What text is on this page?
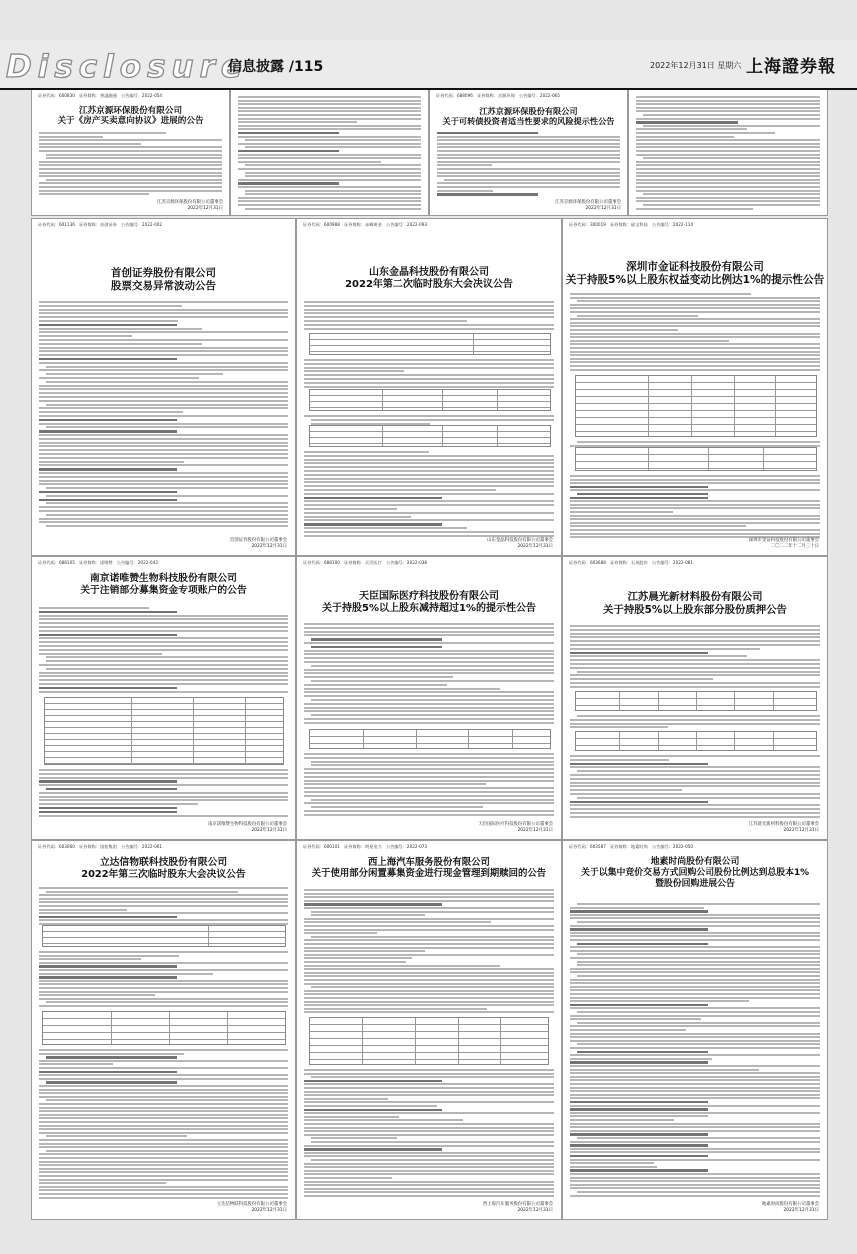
Disclosure
信息披露 /115	2022年12月31日 星期六 上海證券報
证券代码：600830　证券简称：香溢融通　公告编号：2022-054
江苏京源环保股份有限公司
关于《房产买卖意向协议》进展的公告
江苏京源环保股份有限公司董事会
2022年12月31日
证券代码：688096　证券简称：京源环保　公告编号：2022-065
江苏京源环保股份有限公司
关于可转债投资者适当性要求的风险提示性公告
江苏京源环保股份有限公司董事会
2022年12月31日
证券代码：601136　证券简称：首创证券　公告编号：2022-002
首创证券股份有限公司
股票交易异常波动公告
首创证券股份有限公司董事会
2022年12月31日
证券代码：600988　证券简称：赤峰黄金　公告编号：2022-093
山东金晶科技股份有限公司
2022年第二次临时股东大会决议公告
山东金晶科技股份有限公司董事会
2022年12月31日
证券代码：300019　证券简称：硅宝科技　公告编号：2022-114
深圳市金证科技股份有限公司
关于持股5%以上股东权益变动比例达1%的提示性公告
深圳市金证科技股份有限公司董事会
二〇二二年十二月三十日
证券代码：688105　证券简称：诺唯赞　公告编号：2022-043
南京诺唯赞生物科技股份有限公司
关于注销部分募集资金专项账户的公告
南京诺唯赞生物科技股份有限公司董事会
2022年12月31日
证券代码：688100　证券简称：天臣医疗　公告编号：2022-038
天臣国际医疗科技股份有限公司
关于持股5%以上股东减持超过1%的提示性公告
天臣国际医疗科技股份有限公司董事会
2022年12月31日
证券代码：603688　证券简称：石英股份　公告编号：2022-081
江苏晨光新材料股份有限公司
关于持股5%以上股东部分股份质押公告
江苏晨光新材料股份有限公司董事会
2022年12月31日
证券代码：603060　证券简称：国检集团　公告编号：2022-061
立达信物联科技股份有限公司
2022年第三次临时股东大会决议公告
立达信物联科技股份有限公司董事会
2022年12月31日
证券代码：600101　证券简称：明星电力　公告编号：2022-073
西上海汽车服务股份有限公司
关于使用部分闲置募集资金进行现金管理到期赎回的公告
西上海汽车服务股份有限公司董事会
2022年12月31日
证券代码：603587　证券简称：地素时尚　公告编号：2022-050
地素时尚股份有限公司
关于以集中竞价交易方式回购公司股份比例达到总股本1%
暨股份回购进展公告
地素时尚股份有限公司董事会
2022年12月31日
